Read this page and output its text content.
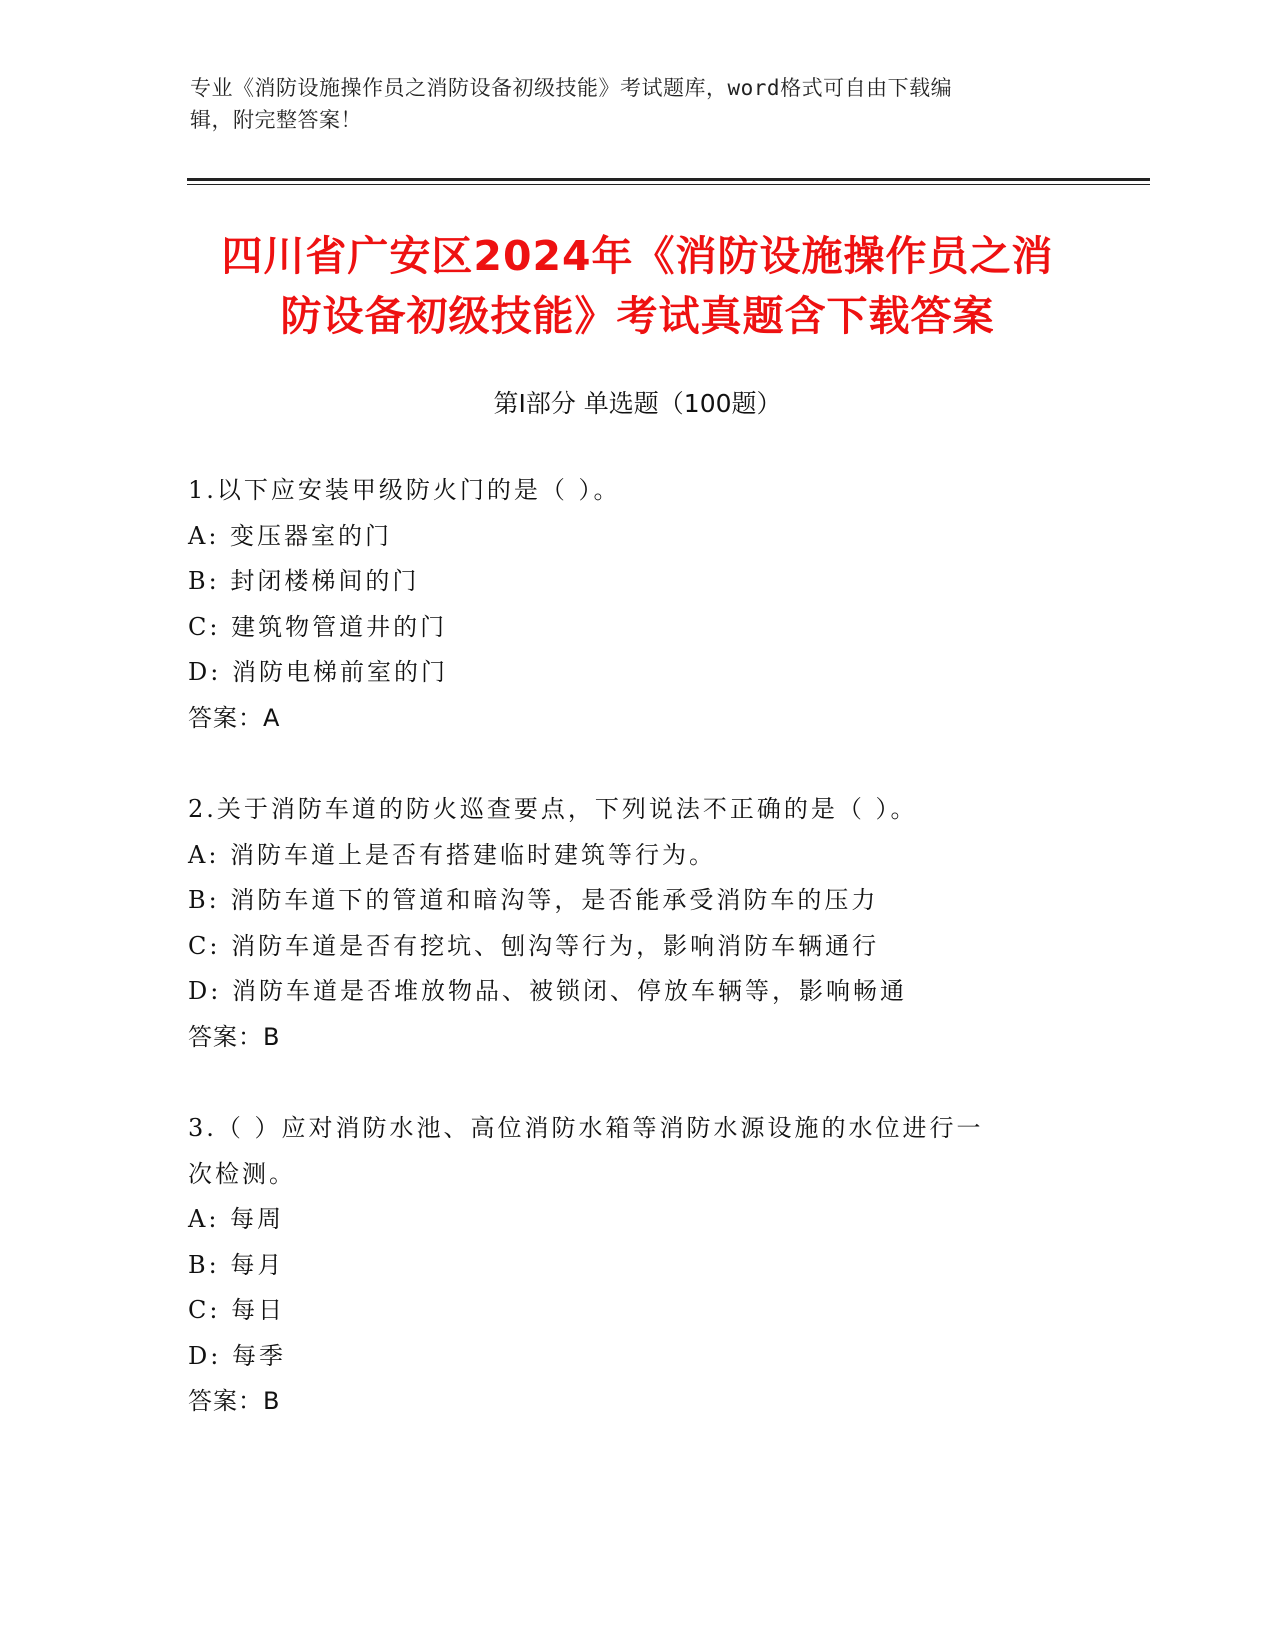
专业《消防设施操作员之消防设备初级技能》考试题库，word格式可自由下载编
辑，附完整答案！
四川省广安区2024年《消防设施操作员之消
防设备初级技能》考试真题含下载答案
第I部分 单选题（100题）
1.以下应安装甲级防火门的是（ ）。
A: 变压器室的门
B: 封闭楼梯间的门
C: 建筑物管道井的门
D: 消防电梯前室的门
答案：A
2.关于消防车道的防火巡查要点，下列说法不正确的是（ ）。
A: 消防车道上是否有搭建临时建筑等行为。
B: 消防车道下的管道和暗沟等，是否能承受消防车的压力
C: 消防车道是否有挖坑、刨沟等行为，影响消防车辆通行
D: 消防车道是否堆放物品、被锁闭、停放车辆等，影响畅通
答案：B
3.（ ）应对消防水池、高位消防水箱等消防水源设施的水位进行一
次检测。
A: 每周
B: 每月
C: 每日
D: 每季
答案：B
